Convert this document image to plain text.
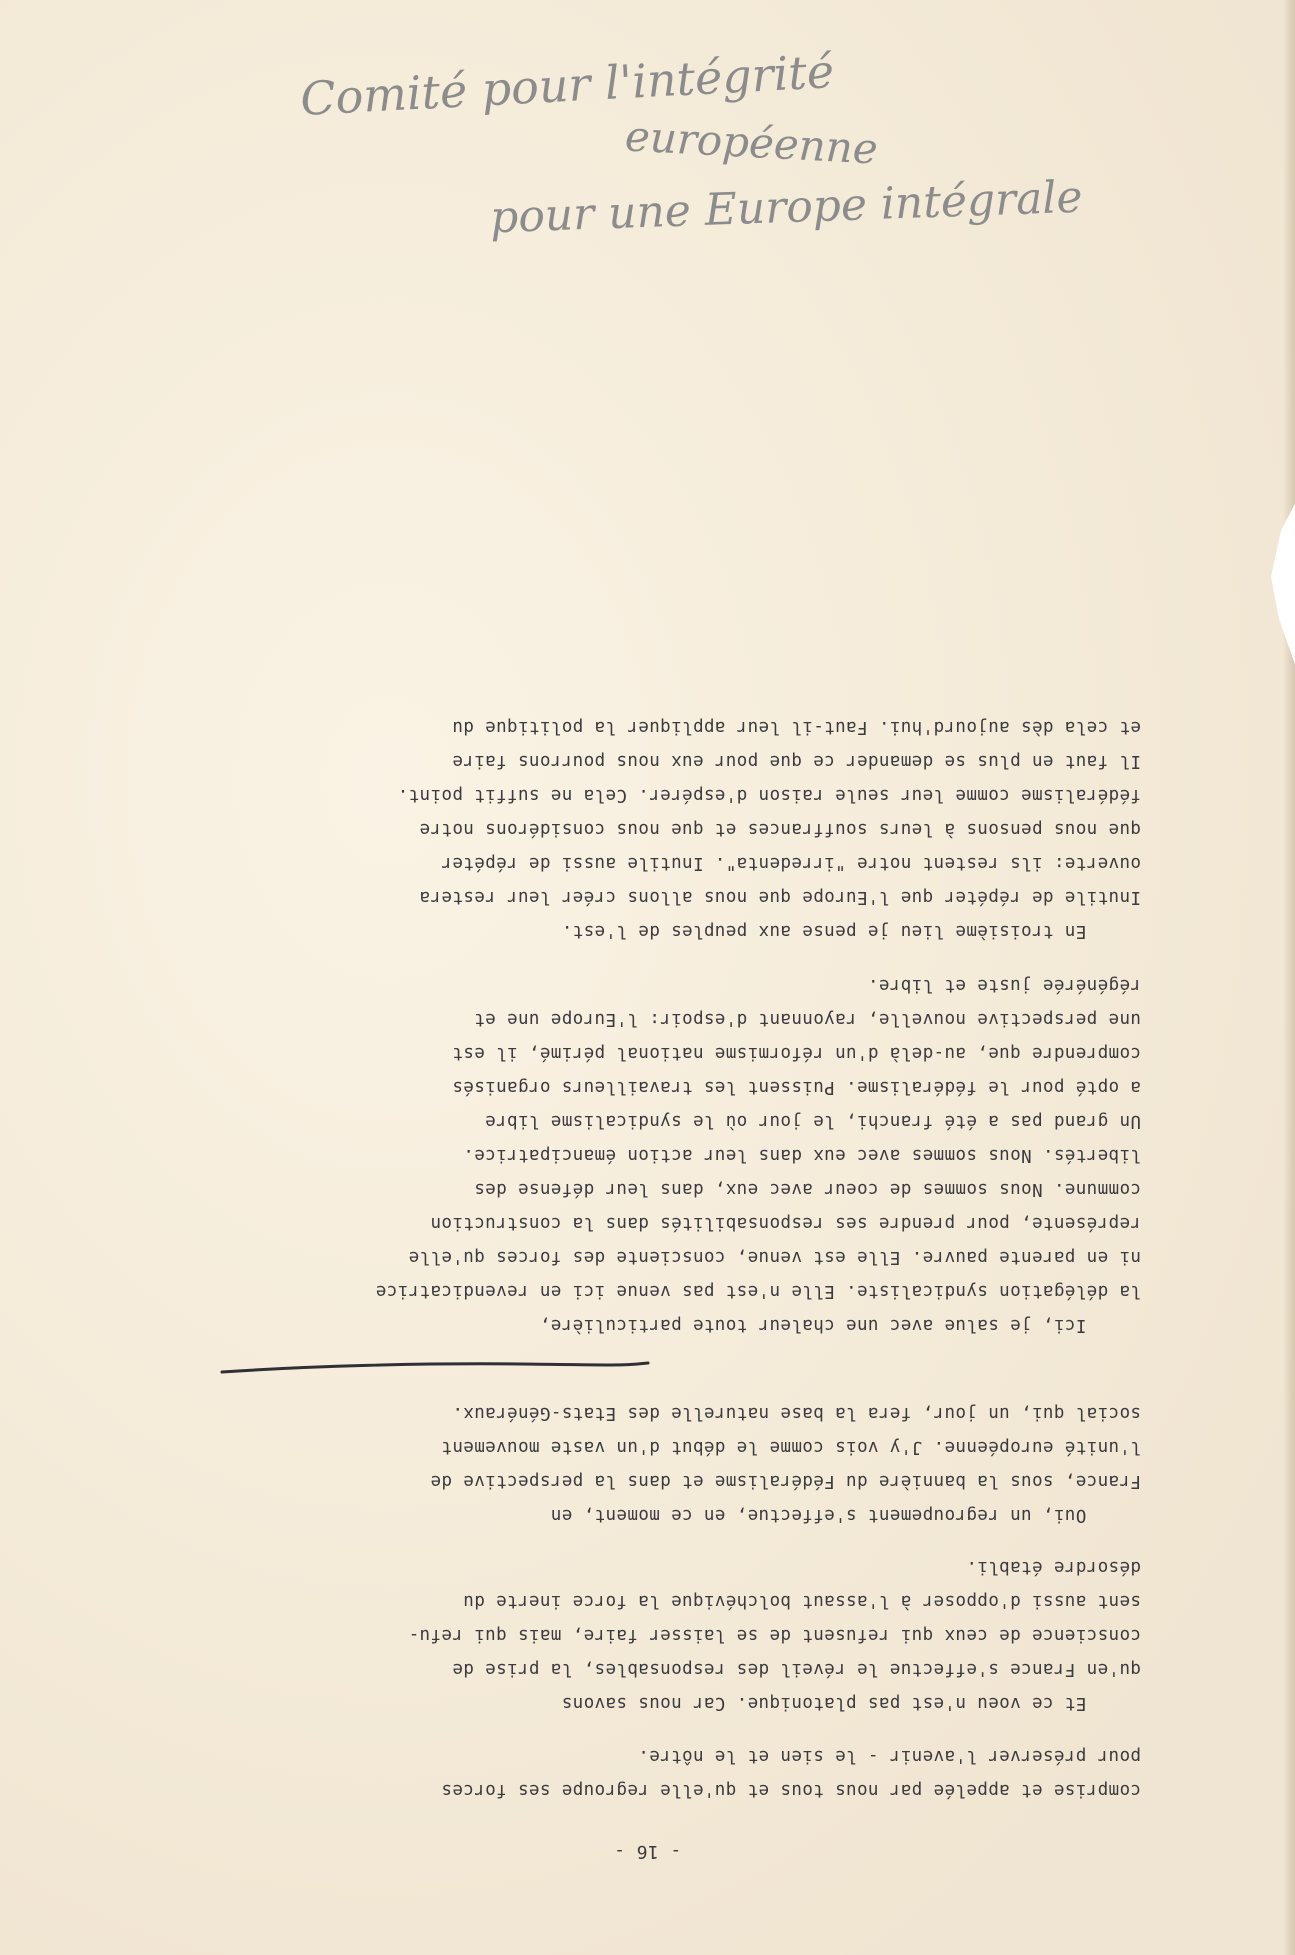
- 16 -

comprise et appelée par nous tous et qu'elle regroupe ses forces

pour préserver l'avenir - le sien et le nôtre.

Et ce voeu n'est pas platonique. Car nous savons

qu'en France s'effectue le réveil des responsables, la prise de

conscience de ceux qui refusent de se laisser faire, mais qui refu-

sent aussi d'opposer à l'assaut bolchévique la force inerte du

désordre établi.

Oui, un regroupement s'effectue, en ce moment, en

France, sous la bannière du Fédéralisme et dans la perspective de

l'unité européenne. J'y vois comme le début d'un vaste mouvement

social qui, un jour, fera la base naturelle des Etats-Généraux.

Ici, je salue avec une chaleur toute particulière,

la délégation syndicaliste. Elle n'est pas venue ici en revendicatrice

ni en parente pauvre. Elle est venue, consciente des forces qu'elle

représente, pour prendre ses responsabilités dans la construction

commune. Nous sommes de coeur avec eux, dans leur défense des

libertés. Nous sommes avec eux dans leur action émancipatrice.

Un grand pas a été franchi, le jour où le syndicalisme libre

a opté pour le fédéralisme. Puissent les travailleurs organisés

comprendre que, au-delà d'un réformisme national périmé, il est

une perspective nouvelle, rayonnant d'espoir: l'Europe une et

régénérée juste et libre.

En troisième lieu je pense aux peuples de l'est.

Inutile de répéter que l'Europe que nous allons créer leur restera

ouverte: ils restent notre "irredenta". Inutile aussi de répéter

que nous pensons à leurs souffrances et que nous considérons notre

fédéralisme comme leur seule raison d'espérer. Cela ne suffit point.

Il faut en plus se demander ce que pour eux nous pourrons faire

et cela dès aujourd'hui. Faut-il leur appliquer la politique du

Comité pour l'intégrité

européenne

pour une Europe intégrale
